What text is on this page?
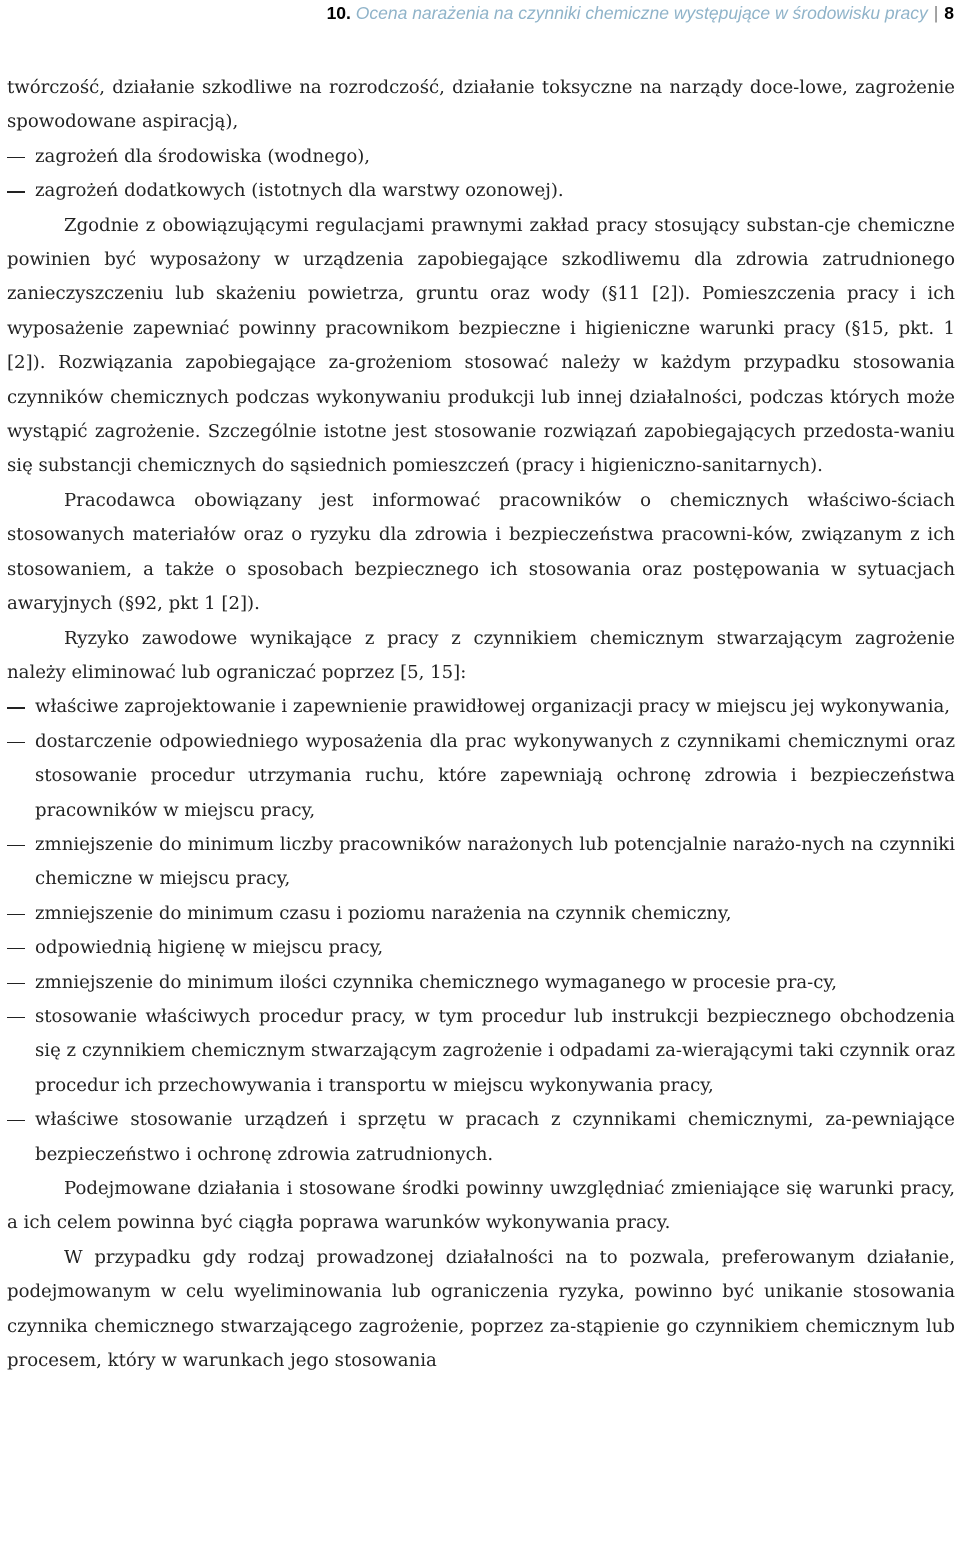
10. Ocena narażenia na czynniki chemiczne występujące w środowisku pracy | 8

twórczość, działanie szkodliwe na rozrodczość, działanie toksyczne na narządy doce-lowe, zagrożenie spowodowane aspiracją),

zagrożeń dla środowiska (wodnego),
zagrożeń dodatkowych (istotnych dla warstwy ozonowej).

Zgodnie z obowiązującymi regulacjami prawnymi zakład pracy stosujący substan-cje chemiczne powinien być wyposażony w urządzenia zapobiegające szkodliwemu dla zdrowia zatrudnionego zanieczyszczeniu lub skażeniu powietrza, gruntu oraz wody (§11 [2]). Pomieszczenia pracy i ich wyposażenie zapewniać powinny pracownikom bezpieczne i higieniczne warunki pracy (§15, pkt. 1 [2]). Rozwiązania zapobiegające za-grożeniom stosować należy w każdym przypadku stosowania czynników chemicznych podczas wykonywaniu produkcji lub innej działalności, podczas których może wystąpić zagrożenie. Szczególnie istotne jest stosowanie rozwiązań zapobiegających przedosta-waniu się substancji chemicznych do sąsiednich pomieszczeń (pracy i higieniczno-sanitarnych).

Pracodawca obowiązany jest informować pracowników o chemicznych właściwo-ściach stosowanych materiałów oraz o ryzyku dla zdrowia i bezpieczeństwa pracowni-ków, związanym z ich stosowaniem, a także o sposobach bezpiecznego ich stosowania oraz postępowania w sytuacjach awaryjnych (§92, pkt 1 [2]).

Ryzyko zawodowe wynikające z pracy z czynnikiem chemicznym stwarzającym zagrożenie należy eliminować lub ograniczać poprzez [5, 15]:

właściwe zaprojektowanie i zapewnienie prawidłowej organizacji pracy w miejscu jej wykonywania,
dostarczenie odpowiedniego wyposażenia dla prac wykonywanych z czynnikami chemicznymi oraz stosowanie procedur utrzymania ruchu, które zapewniają ochronę zdrowia i bezpieczeństwa pracowników w miejscu pracy,
zmniejszenie do minimum liczby pracowników narażonych lub potencjalnie narażo-nych na czynniki chemiczne w miejscu pracy,
zmniejszenie do minimum czasu i poziomu narażenia na czynnik chemiczny,
odpowiednią higienę w miejscu pracy,
zmniejszenie do minimum ilości czynnika chemicznego wymaganego w procesie pra-cy,
stosowanie właściwych procedur pracy, w tym procedur lub instrukcji bezpiecznego obchodzenia się z czynnikiem chemicznym stwarzającym zagrożenie i odpadami za-wierającymi taki czynnik oraz procedur ich przechowywania i transportu w miejscu wykonywania pracy,
właściwe stosowanie urządzeń i sprzętu w pracach z czynnikami chemicznymi, za-pewniające bezpieczeństwo i ochronę zdrowia zatrudnionych.

Podejmowane działania i stosowane środki powinny uwzględniać zmieniające się warunki pracy, a ich celem powinna być ciągła poprawa warunków wykonywania pracy.

W przypadku gdy rodzaj prowadzonej działalności na to pozwala, preferowanym działanie, podejmowanym w celu wyeliminowania lub ograniczenia ryzyka, powinno być unikanie stosowania czynnika chemicznego stwarzającego zagrożenie, poprzez za-stąpienie go czynnikiem chemicznym lub procesem, który w warunkach jego stosowania
